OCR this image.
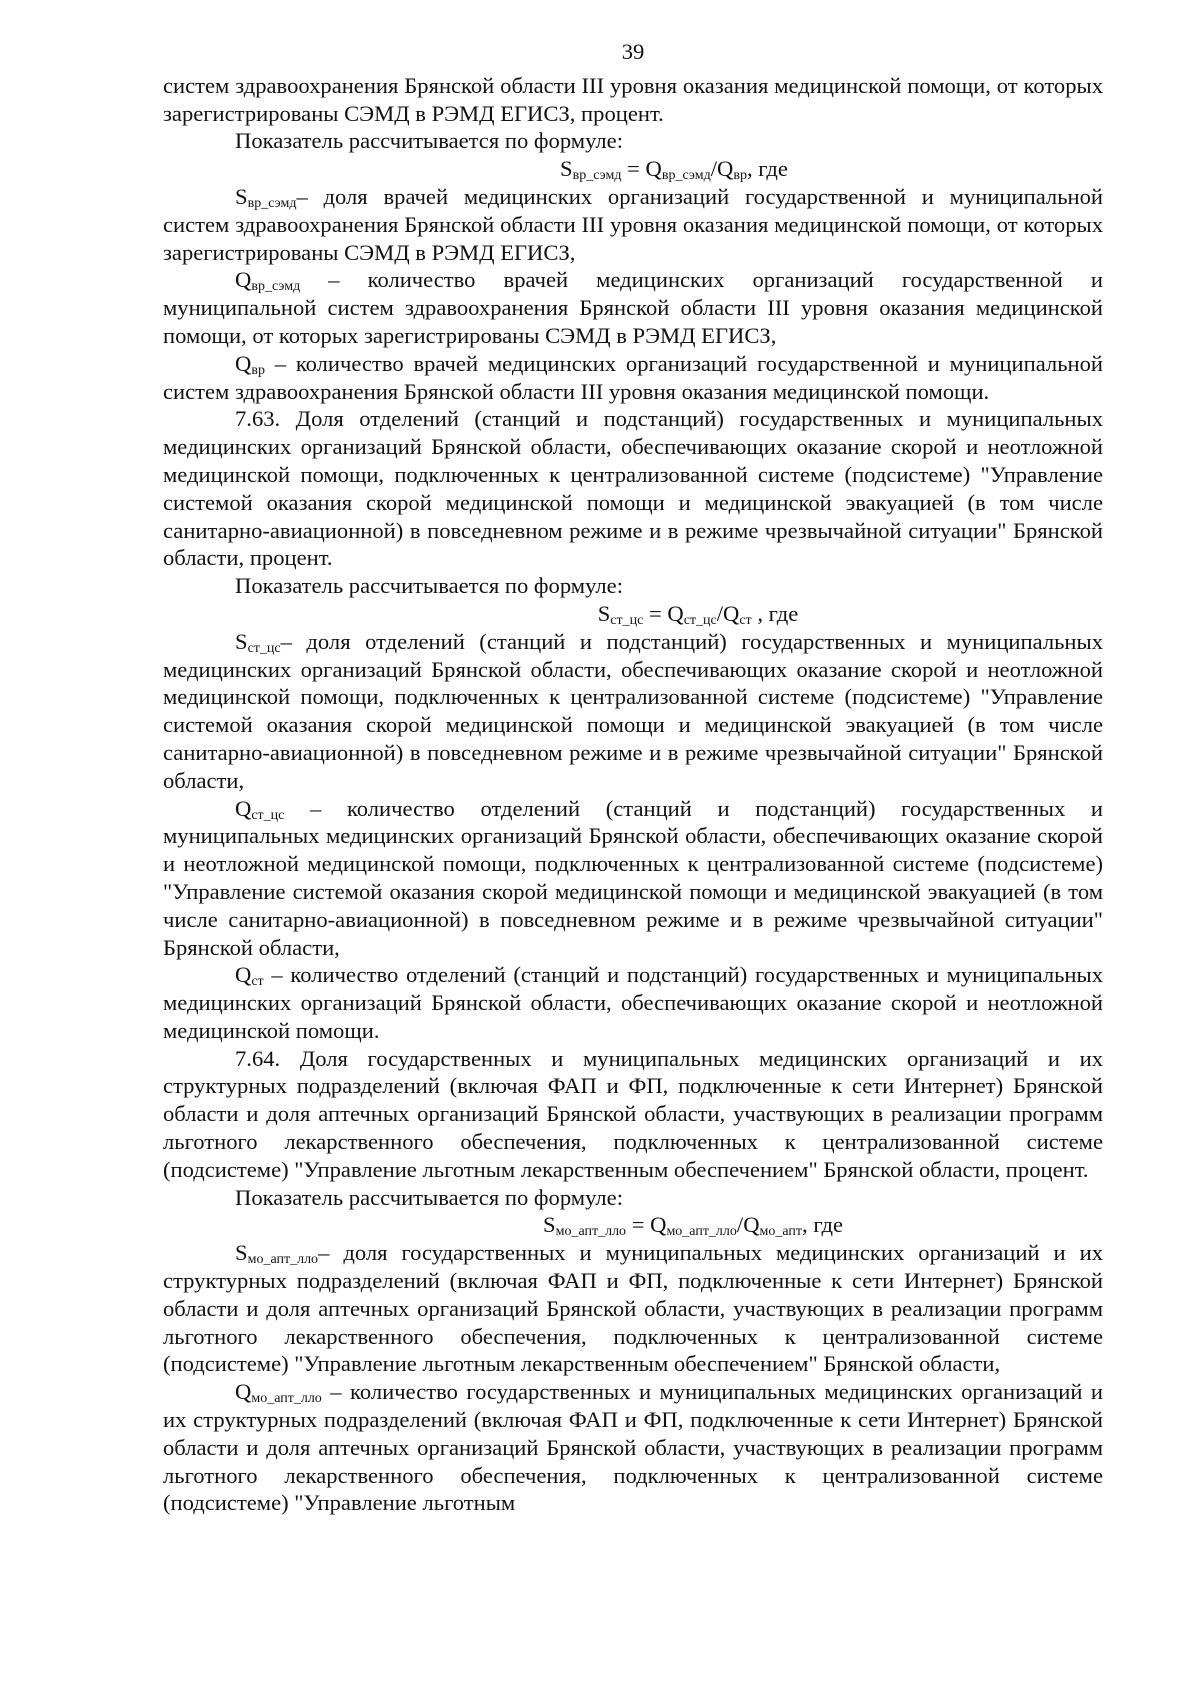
39

систем здравоохранения Брянской области III уровня оказания медицинской помощи, от которых зарегистрированы СЭМД в РЭМД ЕГИСЗ, процент.

Показатель рассчитывается по формуле:

$S_{вр\_сэмд} = Q_{вр\_сэмд}/Q_{вр}$, где

$S_{вр\_сэмд}-$ доля врачей медицинских организаций государственной и муниципальной систем здравоохранения Брянской области III уровня оказания медицинской помощи, от которых зарегистрированы СЭМД в РЭМД ЕГИСЗ,

$Q_{вр\_сэмд}$ – количество врачей медицинских организаций государственной и муниципальной систем здравоохранения Брянской области III уровня оказания медицинской помощи, от которых зарегистрированы СЭМД в РЭМД ЕГИСЗ,

$Q_{вр}$ – количество врачей медицинских организаций государственной и муниципальной систем здравоохранения Брянской области III уровня оказания медицинской помощи.

7.63. Доля отделений (станций и подстанций) государственных и муниципальных медицинских организаций Брянской области, обеспечивающих оказание скорой и неотложной медицинской помощи, подключенных к централизованной системе (подсистеме) "Управление системой оказания скорой медицинской помощи и медицинской эвакуацией (в том числе санитарно-авиационной) в повседневном режиме и в режиме чрезвычайной ситуации" Брянской области, процент.

Показатель рассчитывается по формуле:

$S_{ст\_цс} = Q_{ст\_цс}/Q_{ст}$ , где

$S_{ст\_цс}-$ доля отделений (станций и подстанций) государственных и муниципальных медицинских организаций Брянской области, обеспечивающих оказание скорой и неотложной медицинской помощи, подключенных к централизованной системе (подсистеме) "Управление системой оказания скорой медицинской помощи и медицинской эвакуацией (в том числе санитарно-авиационной) в повседневном режиме и в режиме чрезвычайной ситуации" Брянской области,

$Q_{ст\_цс}$ – количество отделений (станций и подстанций) государственных и муниципальных медицинских организаций Брянской области, обеспечивающих оказание скорой и неотложной медицинской помощи, подключенных к централизованной системе (подсистеме) "Управление системой оказания скорой медицинской помощи и медицинской эвакуацией (в том числе санитарно-авиационной) в повседневном режиме и в режиме чрезвычайной ситуации" Брянской области,

$Q_{ст}$ – количество отделений (станций и подстанций) государственных и муниципальных медицинских организаций Брянской области, обеспечивающих оказание скорой и неотложной медицинской помощи.

7.64. Доля государственных и муниципальных медицинских организаций и их структурных подразделений (включая ФАП и ФП, подключенные к сети Интернет) Брянской области и доля аптечных организаций Брянской области, участвующих в реализации программ льготного лекарственного обеспечения, подключенных к централизованной системе (подсистеме) "Управление льготным лекарственным обеспечением" Брянской области, процент.

Показатель рассчитывается по формуле:

$S_{мо\_апт\_лло} = Q_{мо\_апт\_лло}/Q_{мо\_апт}$, где

$S_{мо\_апт\_лло}-$ доля государственных и муниципальных медицинских организаций и их структурных подразделений (включая ФАП и ФП, подключенные к сети Интернет) Брянской области и доля аптечных организаций Брянской области, участвующих в реализации программ льготного лекарственного обеспечения, подключенных к централизованной системе (подсистеме) "Управление льготным лекарственным обеспечением" Брянской области,

$Q_{мо\_апт\_лло}$ – количество государственных и муниципальных медицинских организаций и их структурных подразделений (включая ФАП и ФП, подключенные к сети Интернет) Брянской области и доля аптечных организаций Брянской области, участвующих в реализации программ льготного лекарственного обеспечения, подключенных к централизованной системе (подсистеме) "Управление льготным
